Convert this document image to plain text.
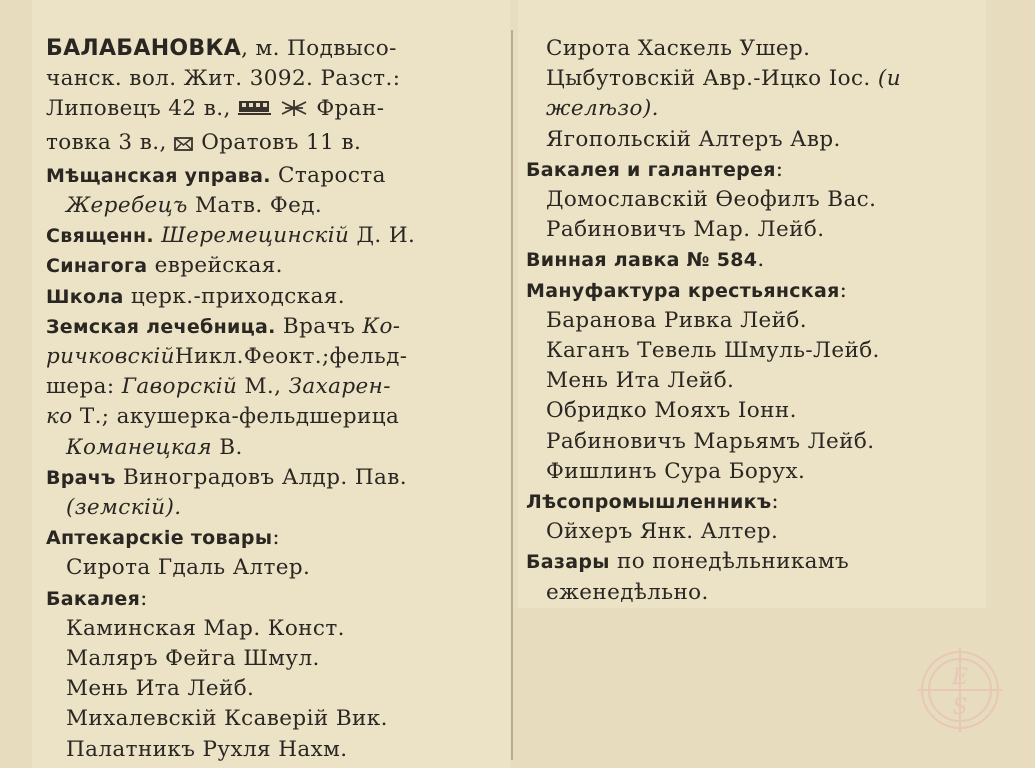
БАЛАБАНОВКА, м. Подвысо-
чанск. вол. Жит. 3092. Разст.:
Липовецъ 42 в.,	Фран-
товка 3 в., Оратовъ 11 в.
Мѣщанская управа. Староста
Жеребецъ Матв. Фед.
Священн. Шеремецинскій Д. И.
Синагога еврейская.
Школа церк.-приходская.
Земская лечебница. Врачъ Ко-
ричковскійНикл.Феокт.;фельд-
шера: Гаворскій М., Захарен-
ко Т.; акушерка-фельдшерица
Команецкая В.
Врачъ Виноградовъ Алдр. Пав.
(земскій).
Аптекарскіе товары:
Сирота Гдаль Алтер.
Бакалея:
Каминская Мар. Конст.
Маляръ Фейга Шмул.
Мень Ита Лейб.
Михалевскій Ксаверій Вик.
Палатникъ Рухля Нахм.
Сирота Хаскель Ушер.
Цыбутовскій Авр.-Ицко Іос. (и
желѣзо).
Ягопольскій Алтеръ Авр.
Бакалея и галантерея:
Домославскій Ѳеофилъ Вас.
Рабиновичъ Мар. Лейб.
Винная лавка № 584.
Мануфактура крестьянская:
Баранова Ривка Лейб.
Каганъ Тевель Шмуль-Лейб.
Мень Ита Лейб.
Обридко Мояхъ Іонн.
Рабиновичъ Марьямъ Лейб.
Фишлинъ Сура Борух.
Лѣсопромышленникъ:
Ойхеръ Янк. Алтер.
Базары по понедѣльникамъ
еженедѣльно.
E
S
